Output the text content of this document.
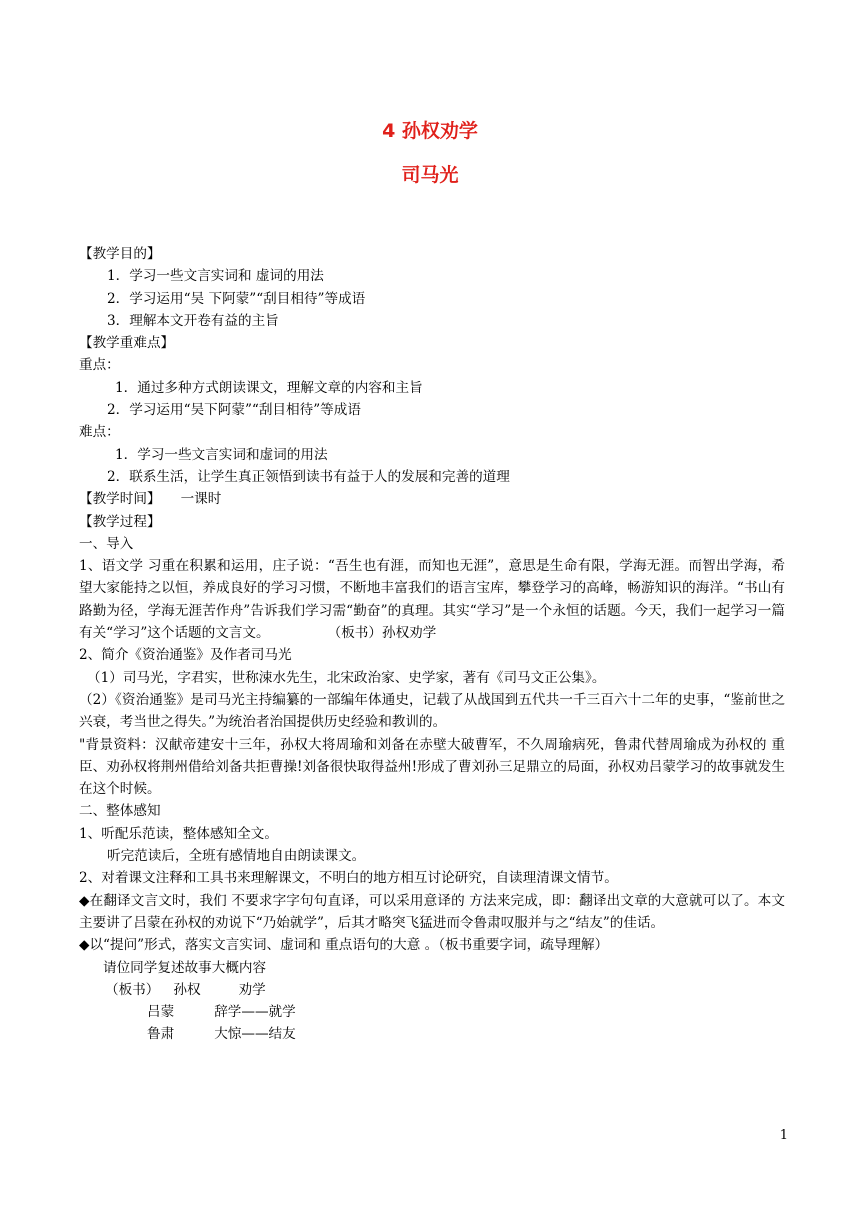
4 孙权劝学
司马光
【教学目的】
1．学习一些文言实词和 虚词的用法
2．学习运用“吴 下阿蒙”“刮目相待”等成语
3．理解本文开卷有益的主旨
【教学重难点】
重点：
1．通过多种方式朗读课文，理解文章的内容和主旨
2．学习运用“吴下阿蒙”“刮目相待”等成语
难点：
1．学习一些文言实词和虚词的用法
2．联系生活，让学生真正领悟到读书有益于人的发展和完善的道理
【教学时间】 一课时
【教学过程】
一、导入
1、语文学 习重在积累和运用，庄子说：“吾生也有涯，而知也无涯”，意思是生命有限，学海无涯。而智出学海，希望大家能持之以恒，养成良好的学习习惯，不断地丰富我们的语言宝库，攀登学习的高峰，畅游知识的海洋。“书山有路勤为径，学海无涯苦作舟”告诉我们学习需“勤奋”的真理。其实“学习”是一个永恒的话题。今天，我们一起学习一篇 有关“学习”这个话题的文言文。	（板书）孙权劝学
2、简介《资治通鉴》及作者司马光
（1）司马光，字君实，世称涑水先生，北宋政治家、史学家，著有《司马文正公集》。
（2）《资治通鉴》是司马光主持编纂的一部编年体通史，记载了从战国到五代共一千三百六十二年的史事，“鉴前世之兴衰，考当世之得失。”为统治者治国提供历史经验和教训的。
"背景资料：汉献帝建安十三年，孙权大将周瑜和刘备在赤壁大破曹军，不久周瑜病死，鲁肃代替周瑜成为孙权的 重臣、劝孙权将荆州借给刘备共拒曹操!刘备很快取得益州!形成了曹刘孙三足鼎立的局面，孙权劝吕蒙学习的故事就发生在这个时候。
二、整体感知
1、听配乐范读，整体感知全文。
听完范读后，全班有感情地自由朗读课文。
2、对着课文注释和工具书来理解课文，不明白的地方相互讨论研究，自读理清课文情节。
◆在翻译文言文时，我们 不要求字字句句直译，可以采用意译的 方法来完成，即：翻译出文章的大意就可以了。本文主要讲了吕蒙在孙权的劝说下“乃始就学”，后其才略突飞猛进而令鲁肃叹服并与之“结友”的佳话。
◆以“提问”形式，落实文言实词、虚词和 重点语句的大意 。（板书重要字词，疏导理解）
请位同学复述故事大概内容
（板书） 孙权	劝学
吕蒙	辞学——就学
鲁肃	大惊——结友
1
